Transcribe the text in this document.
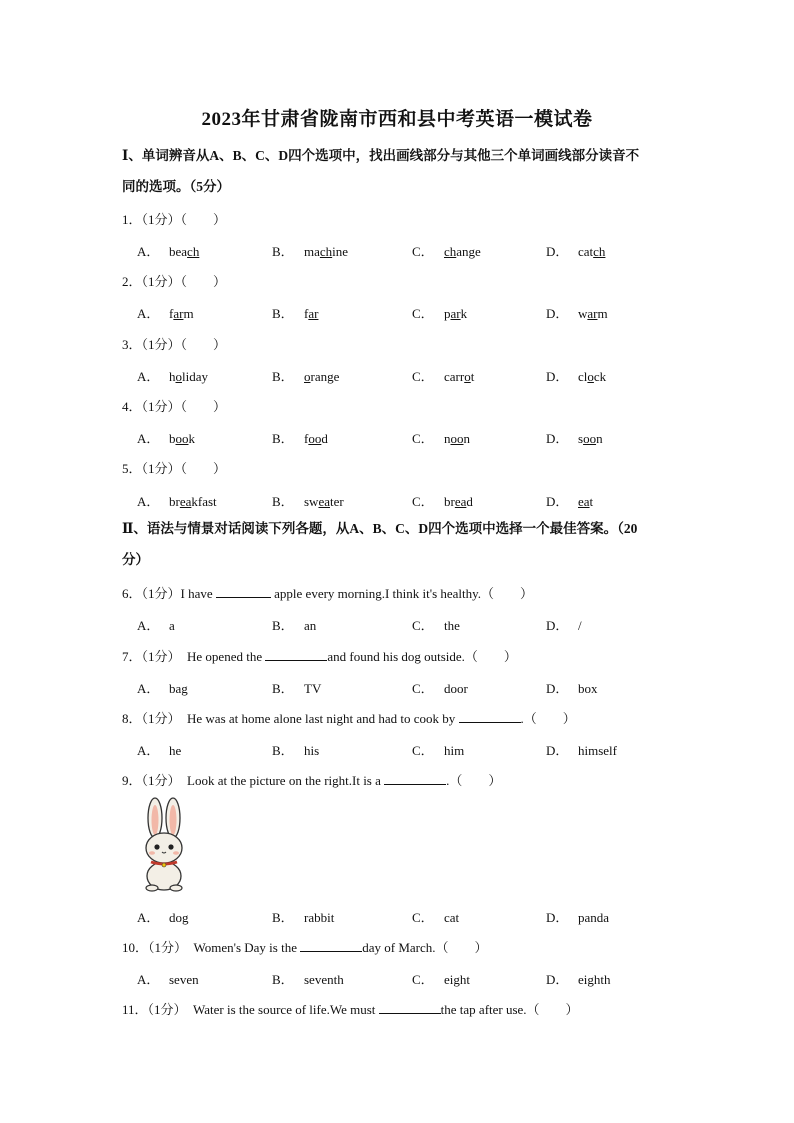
2023年甘肃省陇南市西和县中考英语一模试卷
Ⅰ、单词辨音从A、B、C、D四个选项中，找出画线部分与其他三个单词画线部分读音不
同的选项。（5分）
Ⅱ、语法与情景对话阅读下列各题，从A、B、C、D四个选项中选择一个最佳答案。（20
分）
1．（1分）（　　）
A． beach	B． machine	C． change	D． catch
2．（1分）（　　）
A． farm	B． far	C． park	D． warm
3．（1分）（　　）
A． holiday	B． orange	C． carrot	D． clock
4．（1分）（　　）
A． book	B． food	C． noon	D． soon
5．（1分）（　　）
A． breakfast	B． sweater	C． bread	D． eat
6．（1分）I have	apple every morning.I think it's healthy.（　　）
A． a	B． an	C． the	D． /
7．（1分）  He opened the	and found his dog outside.（　　）
A． bag	B． TV	C． door	D． box
8．（1分）  He was at home alone last night and had to cook by	.（　　）
A． he	B． his	C． him	D． himself
9．（1分）  Look at the picture on the right.It is a	.（　　）
A． dog	B． rabbit	C． cat	D． panda
10．（1分）  Women's Day is the	day of March.（　　）
A． seven	B． seventh	C． eight	D． eighth
11．（1分）  Water is the source of life.We must	the tap after use.（　　）
